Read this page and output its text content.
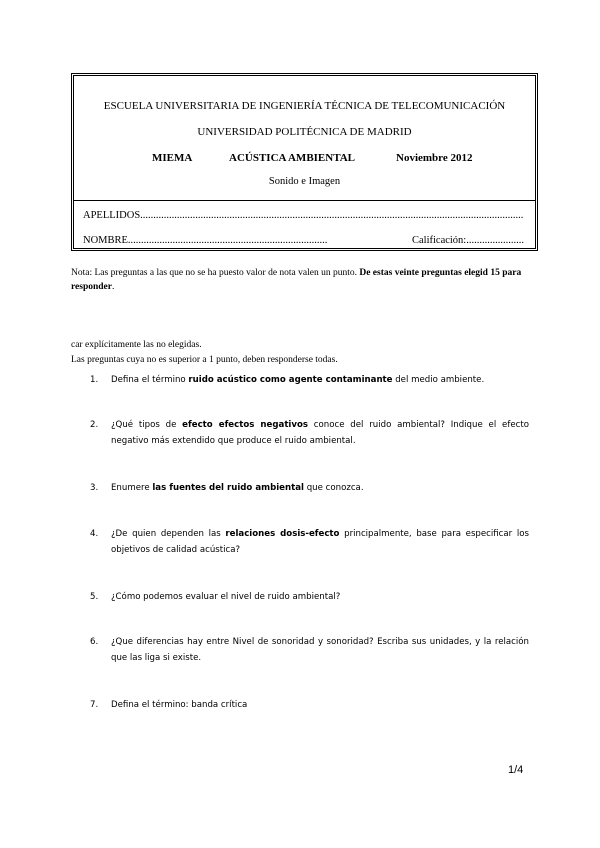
ESCUELA UNIVERSITARIA DE INGENIERÍA TÉCNICA DE TELECOMUNICACIÓN
UNIVERSIDAD POLITÉCNICA DE MADRID
MIEMA	ACÚSTICA AMBIENTAL	Noviembre 2012
Sonido e Imagen
APELLIDOS..................................................................................................................................................
NOMBRE............................................................................	Calificación:......................
Nota: Las preguntas a las que no se ha puesto valor de nota valen un punto. De estas veinte preguntas elegid 15 para responder.
car explícitamente las no elegidas.
Las preguntas cuya no es superior a 1 punto, deben responderse todas.
1. Defina el término ruido acústico como agente contaminante del medio ambiente.
2. ¿Qué tipos de efecto efectos negativos conoce del ruido ambiental? Indique el efecto negativo más extendido que produce el ruido ambiental.
3. Enumere las fuentes del ruido ambiental que conozca.
4. ¿De quien dependen las relaciones dosis-efecto principalmente, base para especificar los objetivos de calidad acústica?
5. ¿Cómo podemos evaluar el nivel de ruido ambiental?
6. ¿Que diferencias hay entre Nivel de sonoridad y sonoridad? Escriba sus unidades, y la relación que las liga si existe.
7. Defina el término: banda crítica
1/4
